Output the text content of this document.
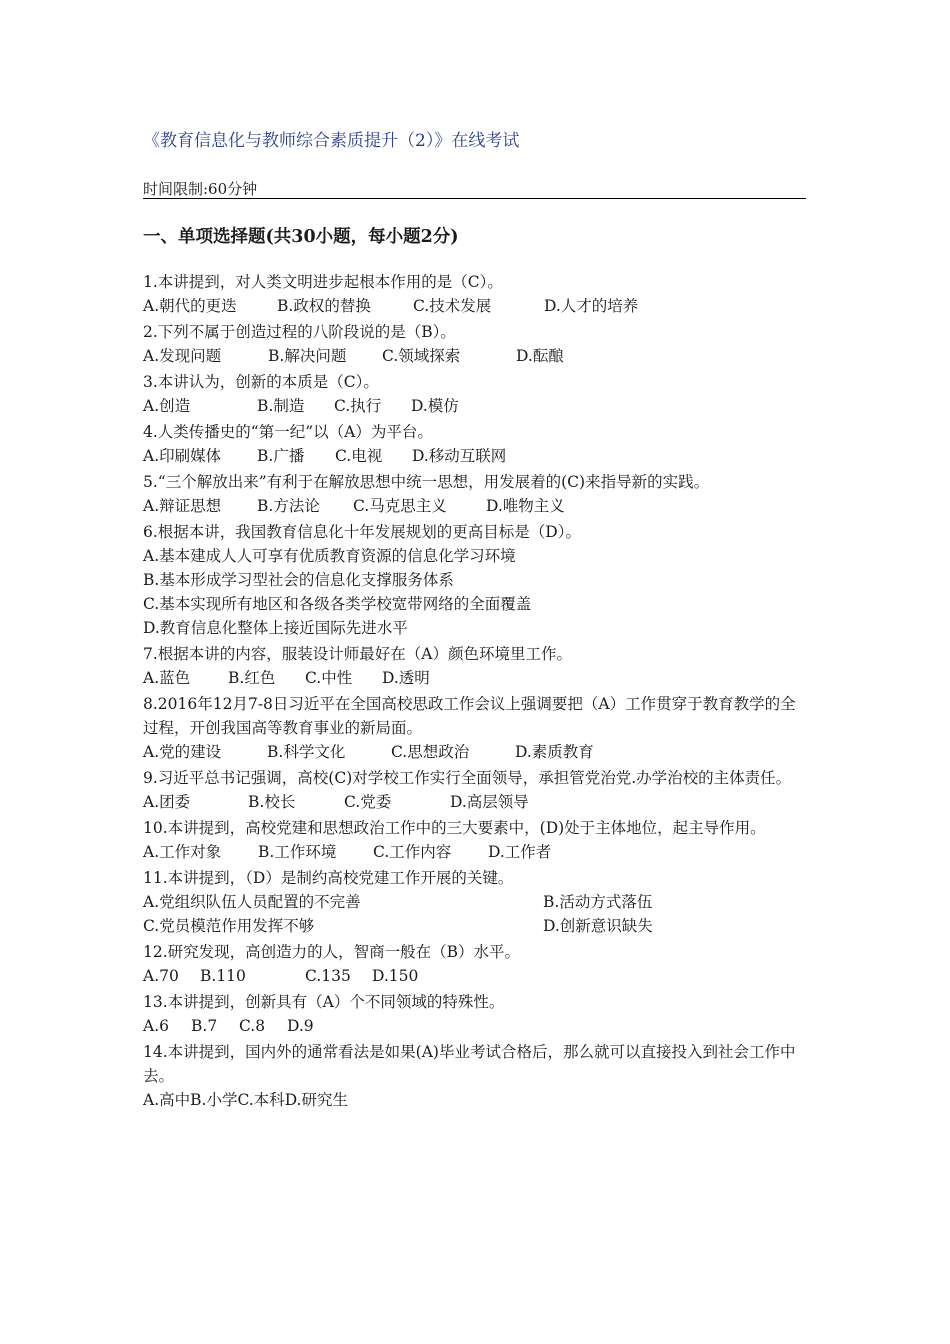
《教育信息化与教师综合素质提升（2）》在线考试
时间限制:60分钟
一、单项选择题(共30小题，每小题2分)
1.本讲提到，对人类文明进步起根本作用的是（C）。
A.朝代的更迭	B.政权的替换	C.技术发展	D.人才的培养
2.下列不属于创造过程的八阶段说的是（B）。
A.发现问题	B.解决问题 C.领域探索	D.酝酿
3.本讲认为，创新的本质是（C）。
A.创造	B.制造 C.执行 D.模仿
4.人类传播史的“第一纪”以（A）为平台。
A.印刷媒体 B.广播 C.电视 D.移动互联网
5.“三个解放出来”有利于在解放思想中统一思想，用发展着的(C)来指导新的实践。
A.辩证思想 B.方法论 C.马克思主义	D.唯物主义
6.根据本讲，我国教育信息化十年发展规划的更高目标是（D）。
A.基本建成人人可享有优质教育资源的信息化学习环境
B.基本形成学习型社会的信息化支撑服务体系
C.基本实现所有地区和各级各类学校宽带网络的全面覆盖
D.教育信息化整体上接近国际先进水平
7.根据本讲的内容，服装设计师最好在（A）颜色环境里工作。
A.蓝色 B.红色 C.中性 D.透明
8.2016年12月7-8日习近平在全国高校思政工作会议上强调要把（A）工作贯穿于教育教学的全过程，开创我国高等教育事业的新局面。
A.党的建设	B.科学文化	C.思想政治	D.素质教育
9.习近平总书记强调，高校(C)对学校工作实行全面领导，承担管党治党.办学治校的主体责任。
A.团委	B.校长	C.党委	D.高层领导
10.本讲提到，高校党建和思想政治工作中的三大要素中，(D)处于主体地位，起主导作用。
A.工作对象 B.工作环境 C.工作内容 D.工作者
11.本讲提到，（D）是制约高校党建工作开展的关键。
A.党组织队伍人员配置的不完善	B.活动方式落伍
C.党员模范作用发挥不够	D.创新意识缺失
12.研究发现，高创造力的人，智商一般在（B）水平。
A.70 B.110	C.135 D.150
13.本讲提到，创新具有（A）个不同领域的特殊性。
A.6 B.7 C.8 D.9
14.本讲提到，国内外的通常看法是如果(A)毕业考试合格后，那么就可以直接投入到社会工作中去。
A.高中B.小学C.本科D.研究生
